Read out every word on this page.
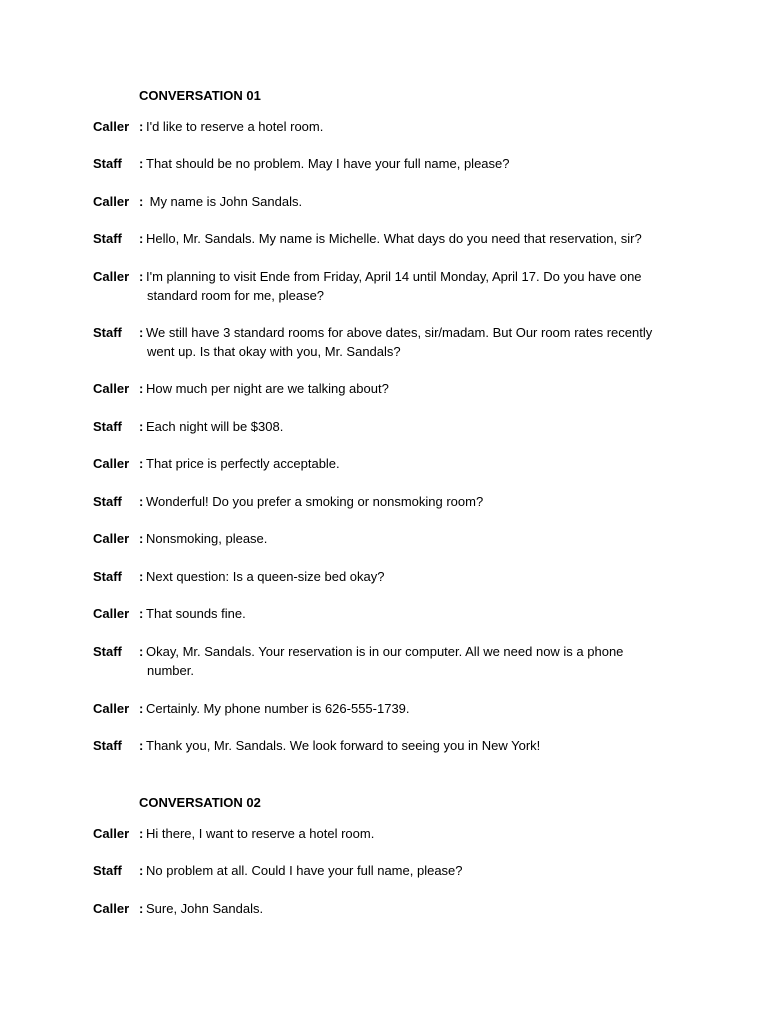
CONVERSATION 01
Caller : I'd like to reserve a hotel room.
Staff : That should be no problem. May I have your full name, please?
Caller : My name is John Sandals.
Staff : Hello, Mr. Sandals. My name is Michelle. What days do you need that reservation, sir?
Caller : I'm planning to visit Ende from Friday, April 14 until Monday, April 17. Do you have one
standard room for me, please?
Staff : We still have 3 standard rooms for above dates, sir/madam. But Our room rates recently
went up. Is that okay with you, Mr. Sandals?
Caller : How much per night are we talking about?
Staff : Each night will be $308.
Caller : That price is perfectly acceptable.
Staff : Wonderful! Do you prefer a smoking or nonsmoking room?
Caller : Nonsmoking, please.
Staff : Next question: Is a queen-size bed okay?
Caller : That sounds fine.
Staff : Okay, Mr. Sandals. Your reservation is in our computer. All we need now is a phone
number.
Caller : Certainly. My phone number is 626-555-1739.
Staff : Thank you, Mr. Sandals. We look forward to seeing you in New York!
CONVERSATION 02
Caller : Hi there, I want to reserve a hotel room.
Staff : No problem at all. Could I have your full name, please?
Caller : Sure, John Sandals.
